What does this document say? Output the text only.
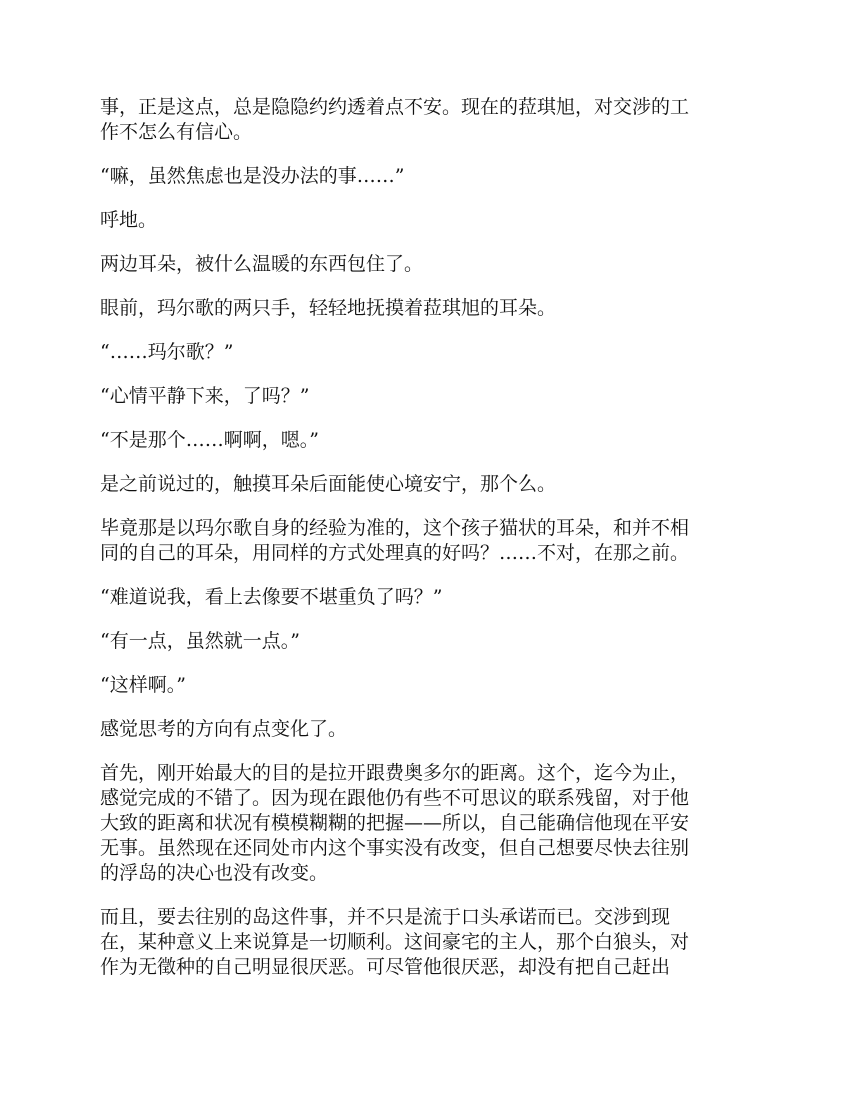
事，正是这点，总是隐隐约约透着点不安。现在的菈琪旭，对交涉的工
作不怎么有信心。

“嘛，虽然焦虑也是没办法的事……”

呼地。

两边耳朵，被什么温暖的东西包住了。

眼前，玛尔歌的两只手，轻轻地抚摸着菈琪旭的耳朵。

“……玛尔歌？”

“心情平静下来，了吗？”

“不是那个……啊啊，嗯。”

是之前说过的，触摸耳朵后面能使心境安宁，那个么。

毕竟那是以玛尔歌自身的经验为准的，这个孩子猫状的耳朵，和并不相
同的自己的耳朵，用同样的方式处理真的好吗？……不对，在那之前。

“难道说我，看上去像要不堪重负了吗？”

“有一点，虽然就一点。”

“这样啊。”

感觉思考的方向有点变化了。

首先，刚开始最大的目的是拉开跟费奥多尔的距离。这个，迄今为止，
感觉完成的不错了。因为现在跟他仍有些不可思议的联系残留，对于他
大致的距离和状况有模模糊糊的把握——所以，自己能确信他现在平安
无事。虽然现在还同处市内这个事实没有改变，但自己想要尽快去往别
的浮岛的决心也没有改变。

而且，要去往别的岛这件事，并不只是流于口头承诺而已。交涉到现
在，某种意义上来说算是一切顺利。这间豪宅的主人，那个白狼头，对
作为无徵种的自己明显很厌恶。可尽管他很厌恶，却没有把自己赶出
